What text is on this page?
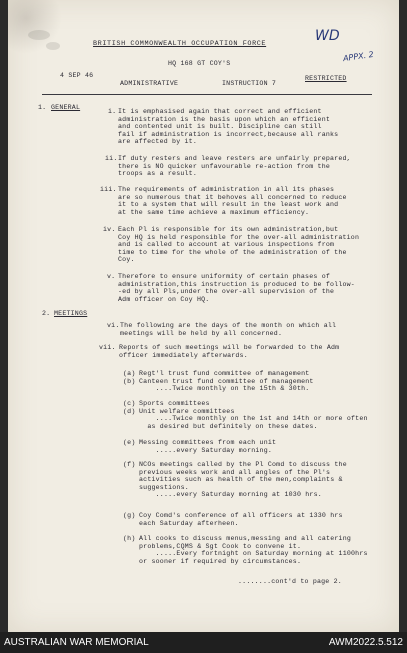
BRITISH COMMONWEALTH OCCUPATION FORCE
HQ 168 GT COY'S
4 SEP 46
ADMINISTRATIVE	INSTRUCTION 7
RESTRICTED
WD
APPX. 2
1. GENERAL
i. It is emphasised again that correct and efficient
administration is the basis upon which an efficient
and contented unit is built. Discipline can still
fail if administration is incorrect,because all ranks
are affected by it.
ii. If duty resters and leave resters are unfairly prepared,
there is NO quicker unfavourable re-action from the
troops as a result.
iii. The requirements of administration in all its phases
are so numerous that it behoves all concerned to reduce
it to a system that will result in the least work and
at the same time achieve a maximum efficiency.
iv. Each Pl is responsible for its own administration,but
Coy HQ is held responsible for the over-all administration
and is called to account at various inspections from
time to time for the whole of the administration of the
Coy.
v. Therefore to ensure uniformity of certain phases of
administration,this instruction is produced to be follow-
-ed by all Pls,under the over-all supervision of the
Adm officer on Coy HQ.
2. MEETINGS
vi. The following are the days of the month on which all
meetings will be held by all concerned.
vii. Reports of such meetings will be forwarded to the Adm
officer immediately afterwards.
(a)
(b)
Regt'l trust fund committee of management
Canteen trust fund committee of management
....Twice monthly on the 15th & 30th.
(c)
(d)
Sports committees
Unit welfare committees
....Twice monthly on the 1st and 14th or more often
as desired but definitely on these dates.
(e) Messing committees from each unit
.....every Saturday morning.
(f) NCOs meetings called by the Pl Comd to discuss the
previous weeks work and all angles of the Pl's
activities such as health of the men,complaints &
suggestions.
.....every Saturday morning at 1030 hrs.
(g) Coy Comd's conference of all officers at 1330 hrs
each Saturday afterheen.
(h) All cooks to discuss menus,messing and all catering
problems,CQMS & Sgt Cook to convene it.
.....Every fortnight on Saturday morning at 1100hrs
or sooner if required by circumstances.
........cont'd to page 2.
AUSTRALIAN WAR MEMORIAL	AWM2022.5.512
